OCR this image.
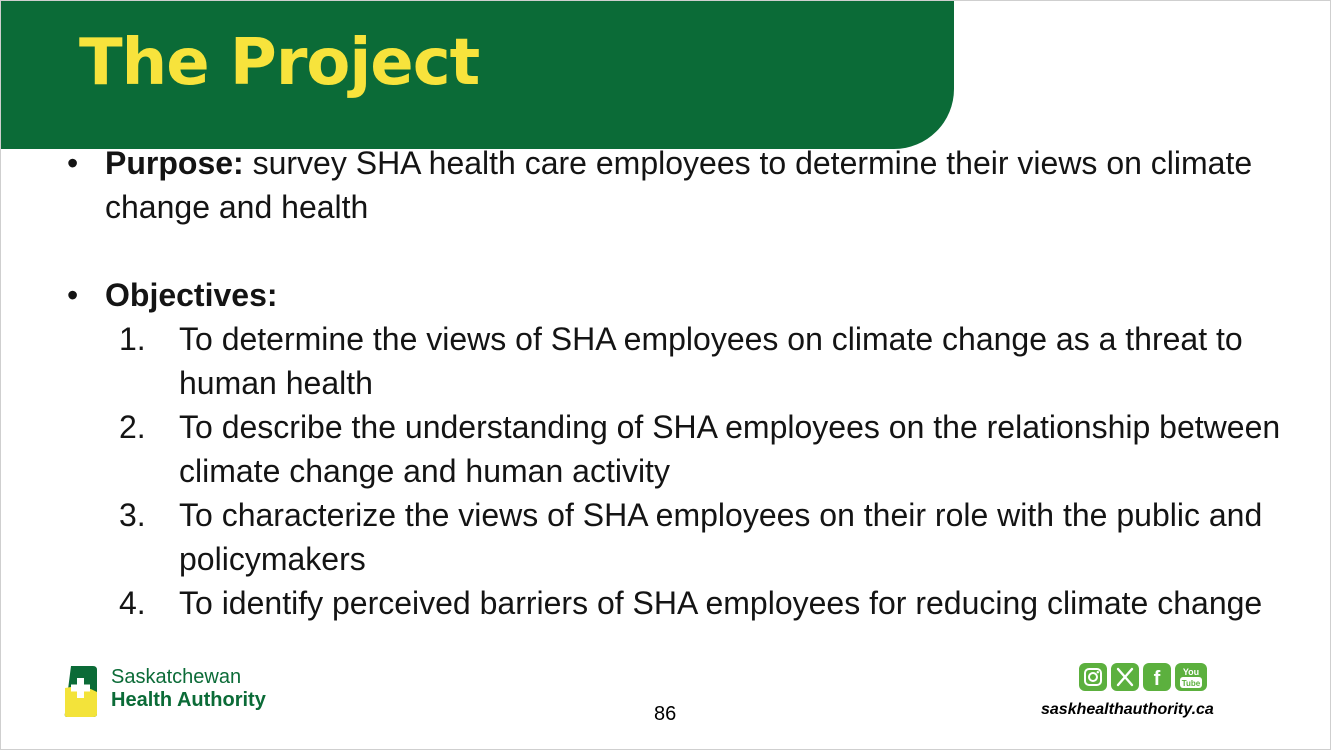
The Project
• Purpose: survey SHA health care employees to determine their views on climate change and health
• Objectives:
1. To determine the views of SHA employees on climate change as a threat to human health
2. To describe the understanding of SHA employees on the relationship between climate change and human activity
3. To characterize the views of SHA employees on their role with the public and policymakers
4. To identify perceived barriers of SHA employees for reducing climate change
Saskatchewan
Health Authority
86
f You
Tube
saskhealthauthority.ca
